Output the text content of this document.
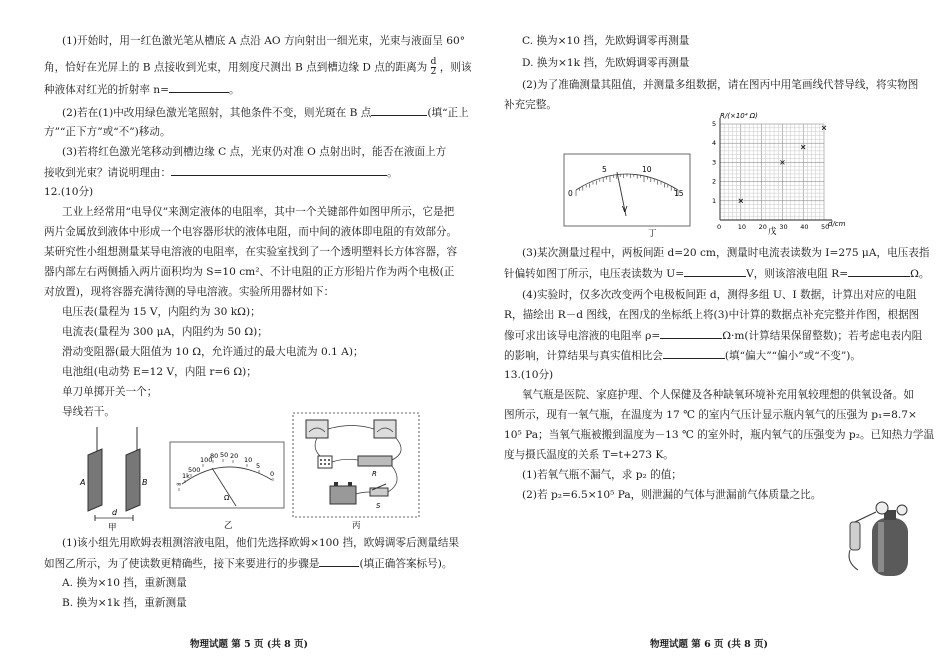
(1)开始时，用一红色激光笔从槽底 A 点沿 AO 方向射出一细光束，光束与液面呈 60°
角，恰好在光屏上的 B 点接收到光束，用刻度尺测出 B 点到槽边缘 D 点的距离为 $\frac{d}{2}$ ，则该
种液体对红光的折射率 n=	。
(2)若在(1)中改用绿色激光笔照射，其他条件不变，则光斑在 B 点	(填“正上
方”“正下方”或“不”)移动。
(3)若将红色激光笔移动到槽边缘 C 点，光束仍对准 O 点射出时，能否在液面上方
接收到光束？请说明理由：	。
12.(10分)
工业上经常用“电导仪”来测定液体的电阻率，其中一个关键部件如图甲所示，它是把
两片金属放到液体中形成一个电容器形状的液体电阻，而中间的液体即电阻的有效部分。
某研究性小组想测量某导电溶液的电阻率，在实验室找到了一个透明塑料长方体容器，容
器内部左右两侧插入两片面积均为 S=10 cm²、不计电阻的正方形铅片作为两个电极(正
对放置)，现将容器充满待测的导电溶液。实验所用器材如下：
电压表(量程为 15 V，内阻约为 30 kΩ)；
电流表(量程为 300 μA，内阻约为 50 Ω)；
滑动变阻器(最大阻值为 10 Ω，允许通过的最大电流为 0.1 A)；
电池组(电动势 E=12 V，内阻 r=6 Ω)；
单刀单掷开关一个；
导线若干。
A	B
d
甲
∞
1k
500
100
80 50 20 10
5
0
Ω
乙
R
S
丙
(1)该小组先用欧姆表粗测溶液电阻，他们先选择欧姆×100 挡，欧姆调零后测量结果
如图乙所示，为了使读数更精确些，接下来要进行的步骤是	(填正确答案标号)。
A. 换为×10 挡，重新测量
B. 换为×1k 挡，重新测量
物理试题 第 5 页 (共 8 页)
C. 换为×10 挡，先欧姆调零再测量
D. 换为×1k 挡，先欧姆调零再测量
(2)为了准确测量其阻值，并测量多组数据，请在图丙中用笔画线代替导线，将实物图
补充完整。
0
5	10
15
V
丁
R/(×10⁴ Ω)
1
2
3
4
5
0	10 20 30 40 50
d/cm
戊
(3)某次测量过程中，两板间距 d=20 cm，测量时电流表读数为 I=275 μA，电压表指
针偏转如图丁所示，电压表读数为 U=	V，则该溶液电阻 R=	Ω。
(4)实验时，仅多次改变两个电极板间距 d，测得多组 U、I 数据，计算出对应的电阻
R，描绘出 R－d 图线，在图戊的坐标纸上将(3)中计算的数据点补充完整并作图，根据图
像可求出该导电溶液的电阻率 ρ=	Ω·m(计算结果保留整数)；若考虑电表内阻
的影响，计算结果与真实值相比会	(填“偏大”“偏小”或“不变”)。
13.(10分)
氧气瓶是医院、家庭护理、个人保健及各种缺氧环境补充用氧较理想的供氧设备。如
图所示，现有一氧气瓶，在温度为 17 ℃ 的室内气压计显示瓶内氧气的压强为 p₁=8.7×
10⁵ Pa；当氧气瓶被搬到温度为－13 ℃ 的室外时，瓶内氧气的压强变为 p₂。已知热力学温
度与摄氏温度的关系 T=t+273 K。
(1)若氧气瓶不漏气，求 p₂ 的值；
(2)若 p₂=6.5×10⁵ Pa，则泄漏的气体与泄漏前气体质量之比。
物理试题 第 6 页 (共 8 页)
